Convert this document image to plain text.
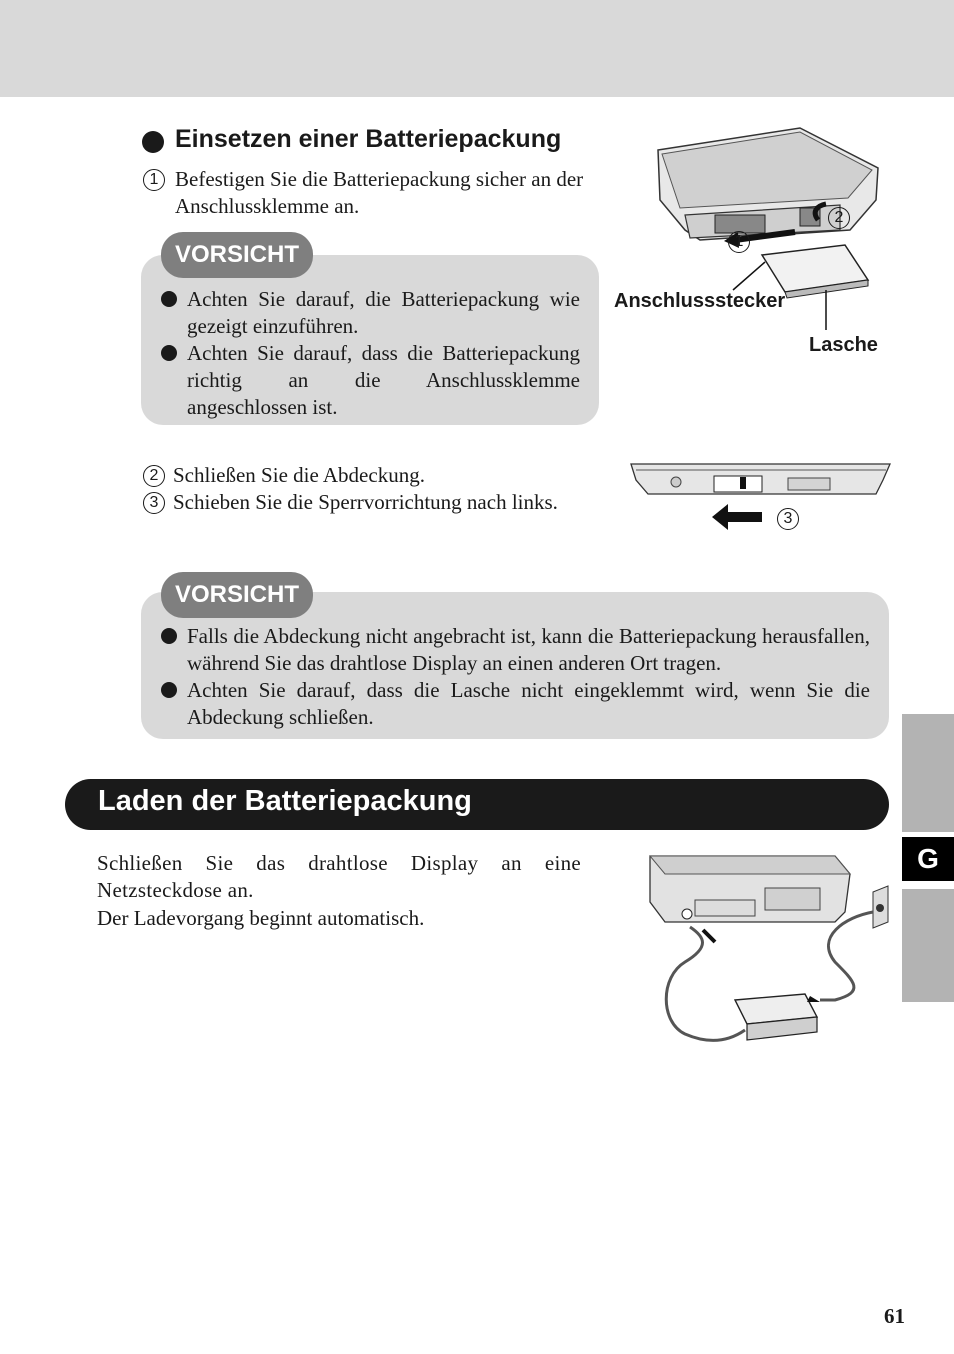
Einsetzen einer Batteriepackung
1 Befestigen Sie die Batteriepackung sicher an der Anschlussklemme an.
VORSICHT
Achten Sie darauf, die Batteriepackung wie gezeigt einzuführen.
Achten Sie darauf, dass die Batteriepackung richtig an die Anschlussklemme angeschlossen ist.
1
2
Anschlussstecker
Lasche
2 Schließen Sie die Abdeckung.
3 Schieben Sie die Sperrvorrichtung nach links.
3
VORSICHT
Falls die Abdeckung nicht angebracht ist, kann die Batteriepackung herausfallen, während Sie das drahtlose Display an einen anderen Ort tragen.
Achten Sie darauf, dass die Lasche nicht eingeklemmt wird, wenn Sie die Abdeckung schließen.
Laden der Batteriepackung
Schließen Sie das drahtlose Display an eine Netzsteckdose an.
Der Ladevorgang beginnt automatisch.
G
61
